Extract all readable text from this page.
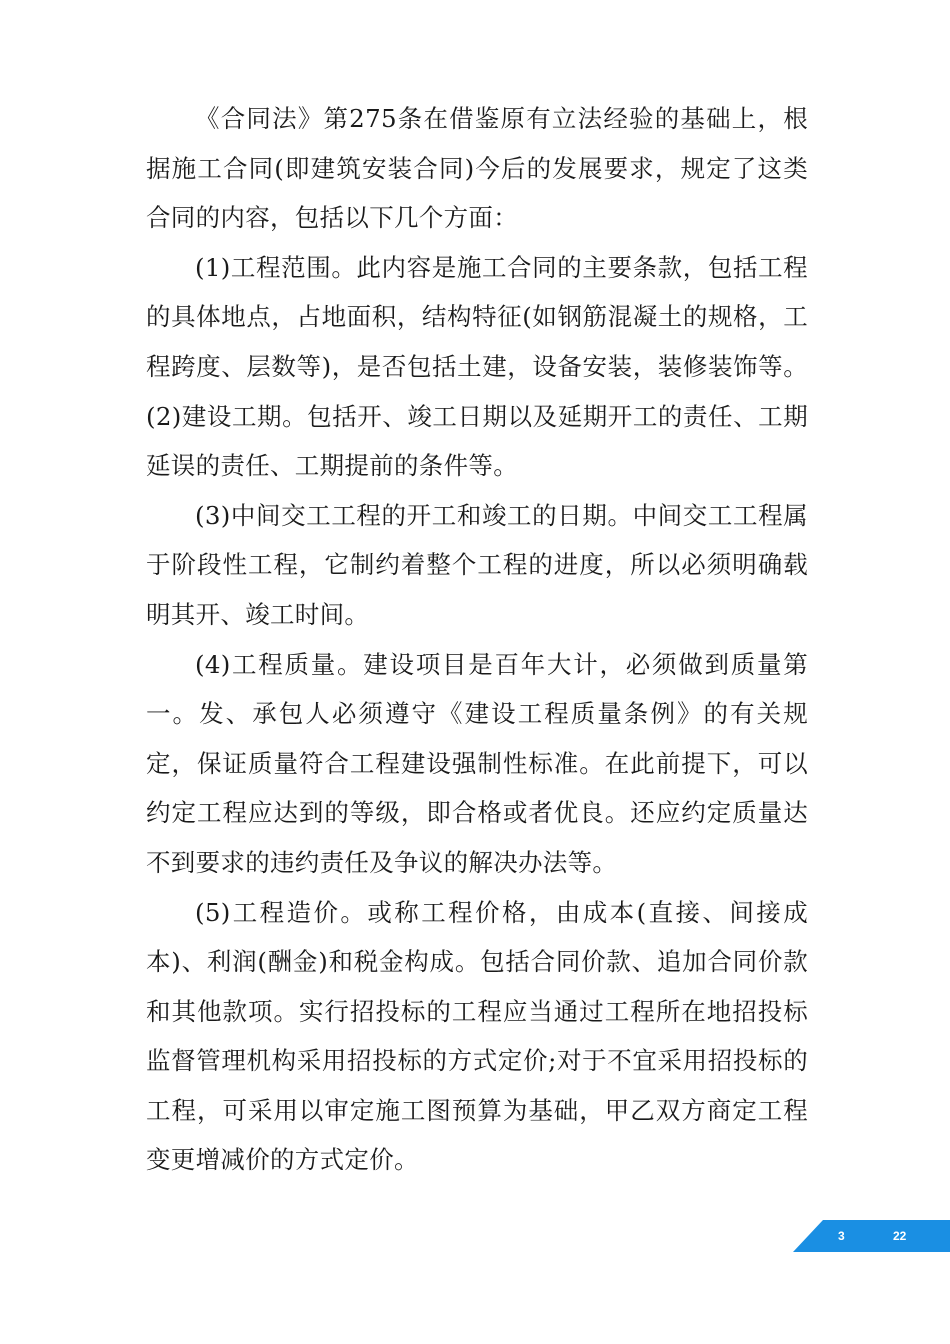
《合同法》第275条在借鉴原有立法经验的基础上，根据施工合同(即建筑安装合同)今后的发展要求，规定了这类合同的内容，包括以下几个方面：

(1)工程范围。此内容是施工合同的主要条款，包括工程的具体地点，占地面积，结构特征(如钢筋混凝土的规格，工程跨度、层数等)，是否包括土建，设备安装，装修装饰等。(2)建设工期。包括开、竣工日期以及延期开工的责任、工期延误的责任、工期提前的条件等。

(3)中间交工工程的开工和竣工的日期。中间交工工程属于阶段性工程，它制约着整个工程的进度，所以必须明确载明其开、竣工时间。

(4)工程质量。建设项目是百年大计，必须做到质量第一。发、承包人必须遵守《建设工程质量条例》的有关规定，保证质量符合工程建设强制性标准。在此前提下，可以约定工程应达到的等级，即合格或者优良。还应约定质量达不到要求的违约责任及争议的解决办法等。

(5)工程造价。或称工程价格，由成本(直接、间接成本)、利润(酬金)和税金构成。包括合同价款、追加合同价款和其他款项。实行招投标的工程应当通过工程所在地招投标监督管理机构采用招投标的方式定价;对于不宜采用招投标的工程，可采用以审定施工图预算为基础，甲乙双方商定工程变更增减价的方式定价。

3	22
